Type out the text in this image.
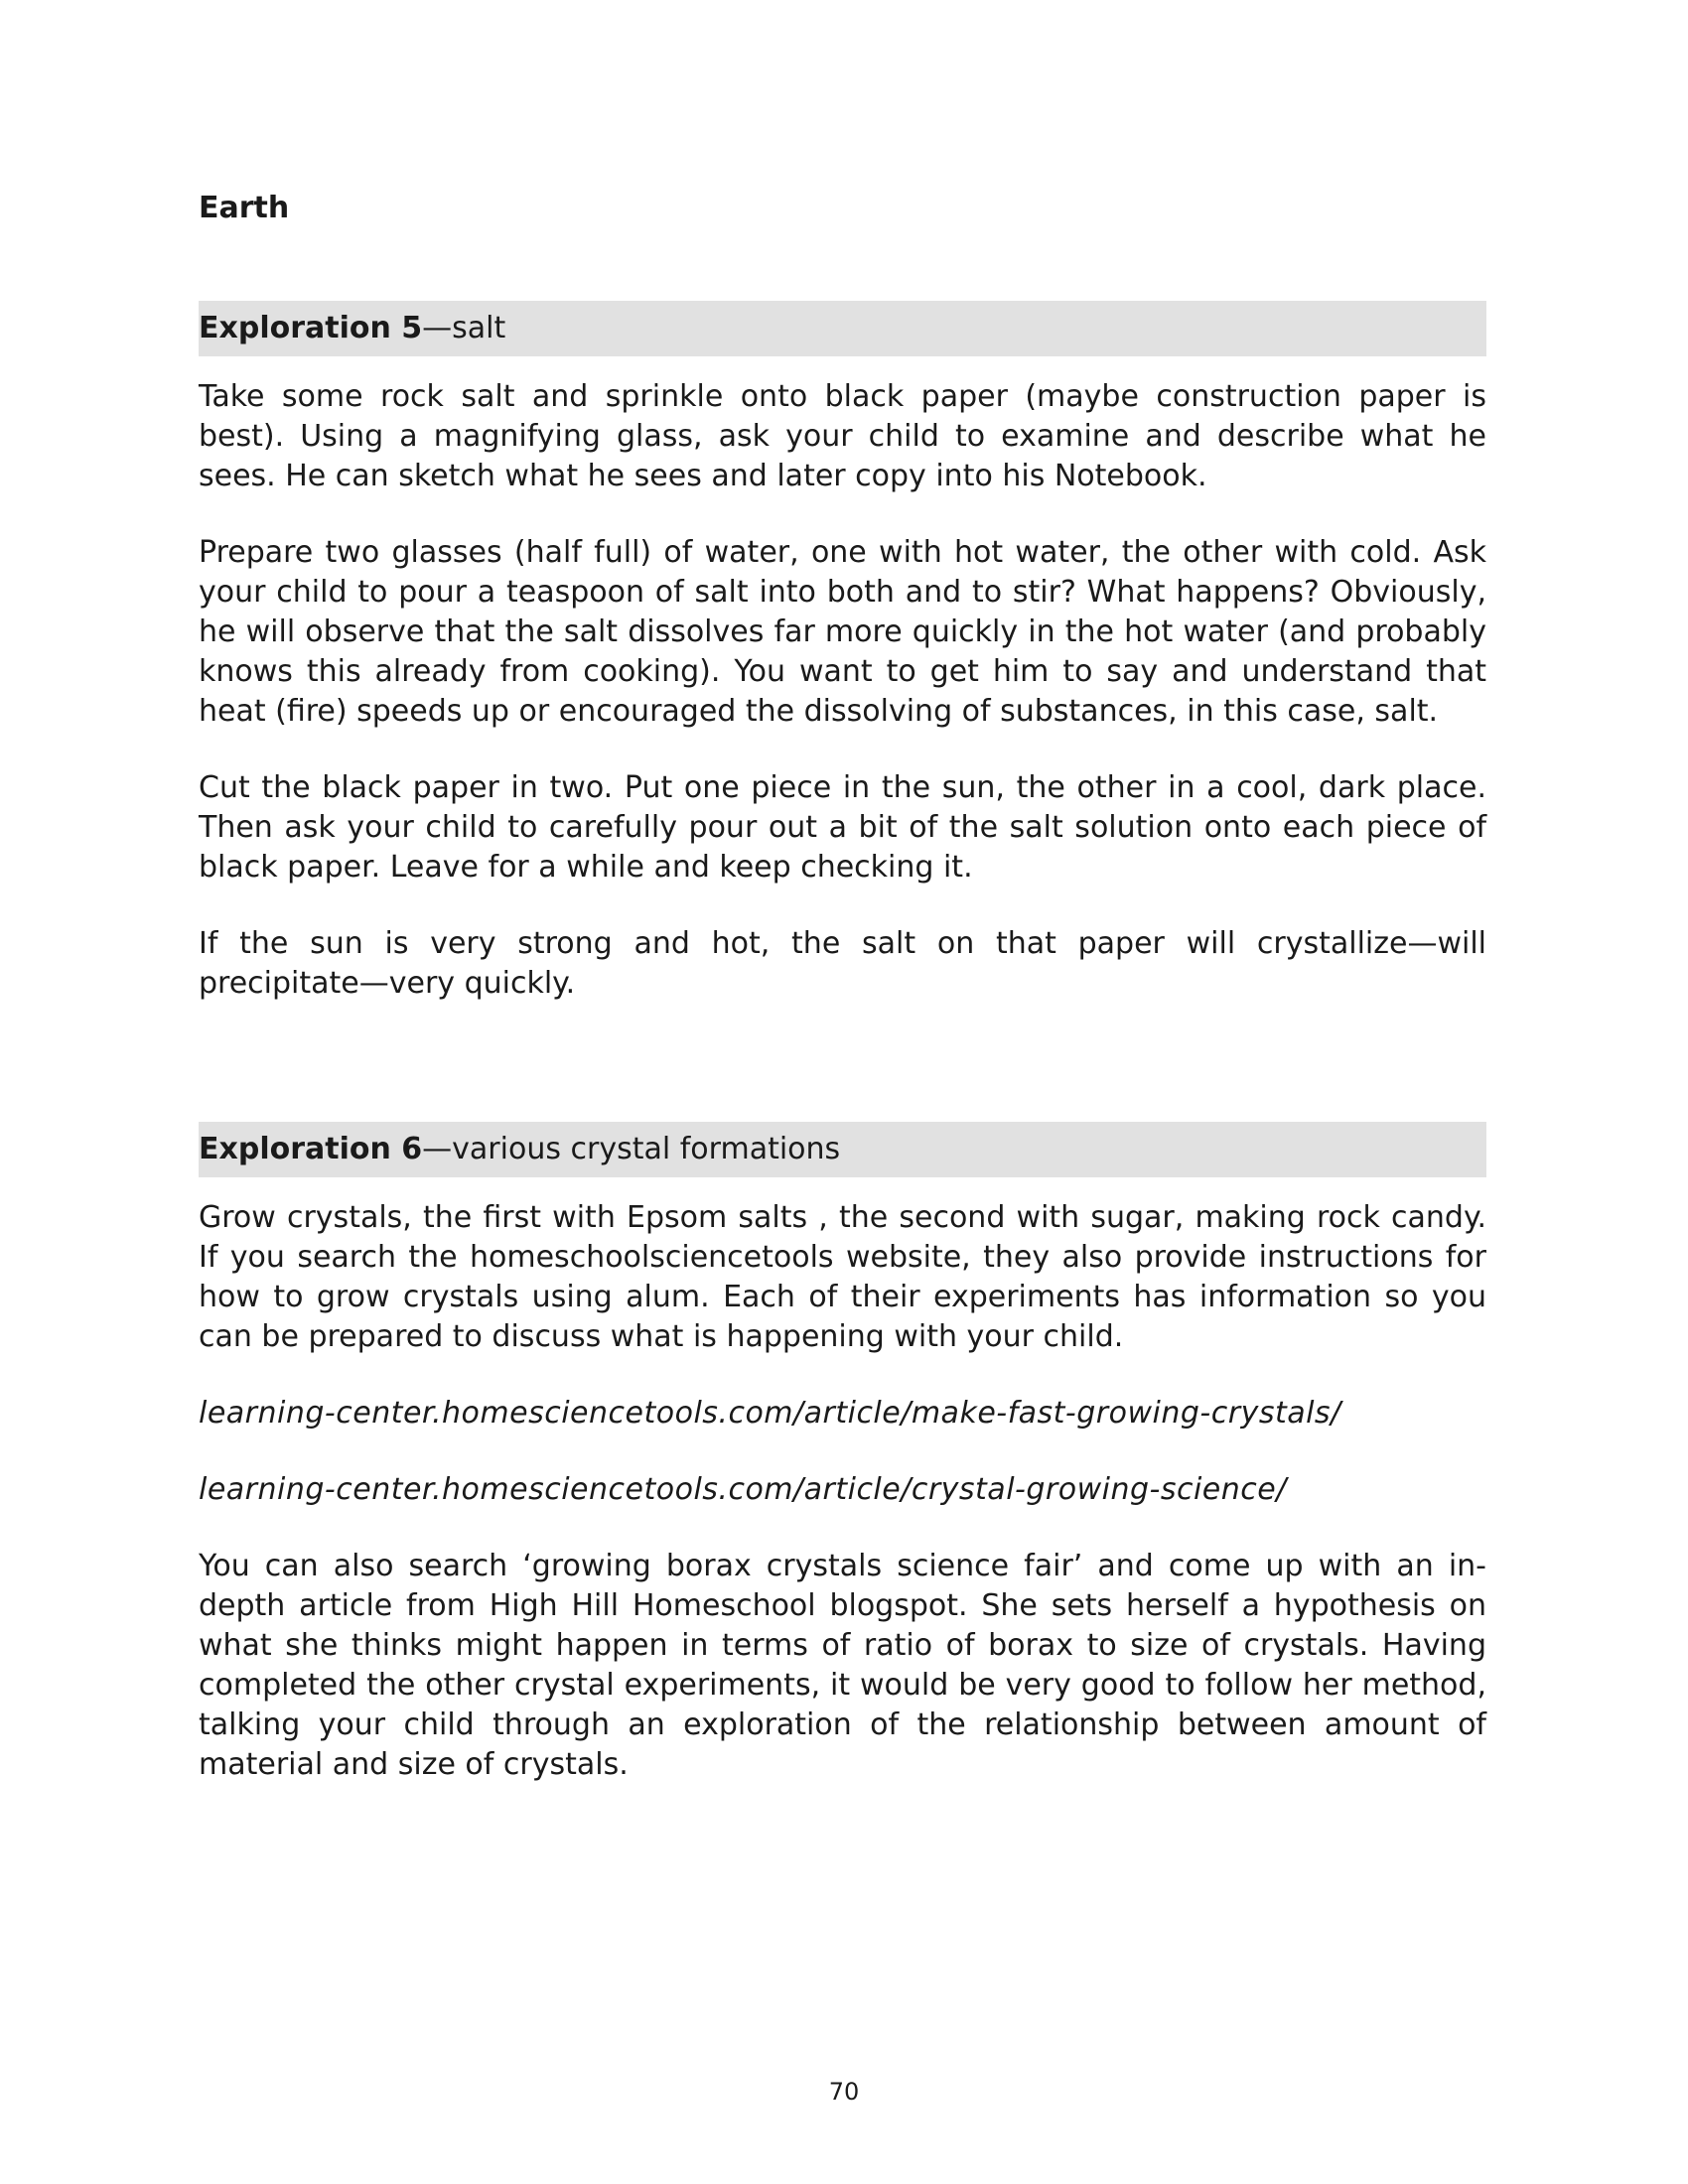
Earth
Exploration 5—salt

Take some rock salt and sprinkle onto black paper (maybe construction paper is best). Using a magnifying glass, ask your child to examine and describe what he sees. He can sketch what he sees and later copy into his Notebook.

Prepare two glasses (half full) of water, one with hot water, the other with cold. Ask your child to pour a teaspoon of salt into both and to stir? What happens? Obviously, he will observe that the salt dissolves far more quickly in the hot water (and probably knows this already from cooking). You want to get him to say and understand that heat (fire) speeds up or encouraged the dissolving of substances, in this case, salt.

Cut the black paper in two. Put one piece in the sun, the other in a cool, dark place. Then ask your child to carefully pour out a bit of the salt solution onto each piece of black paper. Leave for a while and keep checking it.

If the sun is very strong and hot, the salt on that paper will crystallize—will precipitate—very quickly.

Exploration 6—various crystal formations

Grow crystals, the first with Epsom salts , the second with sugar, making rock candy. If you search the homeschoolsciencetools website, they also provide instructions for how to grow crystals using alum. Each of their experiments has information so you can be prepared to discuss what is happening with your child.

learning-center.homesciencetools.com/article/make-fast-growing-crystals/

learning-center.homesciencetools.com/article/crystal-growing-science/

You can also search ‘growing borax crystals science fair’ and come up with an in-depth article from High Hill Homeschool blogspot. She sets herself a hypothesis on what she thinks might happen in terms of ratio of borax to size of crystals. Having completed the other crystal experiments, it would be very good to follow her method, talking your child through an exploration of the relationship between amount of material and size of crystals.

70
